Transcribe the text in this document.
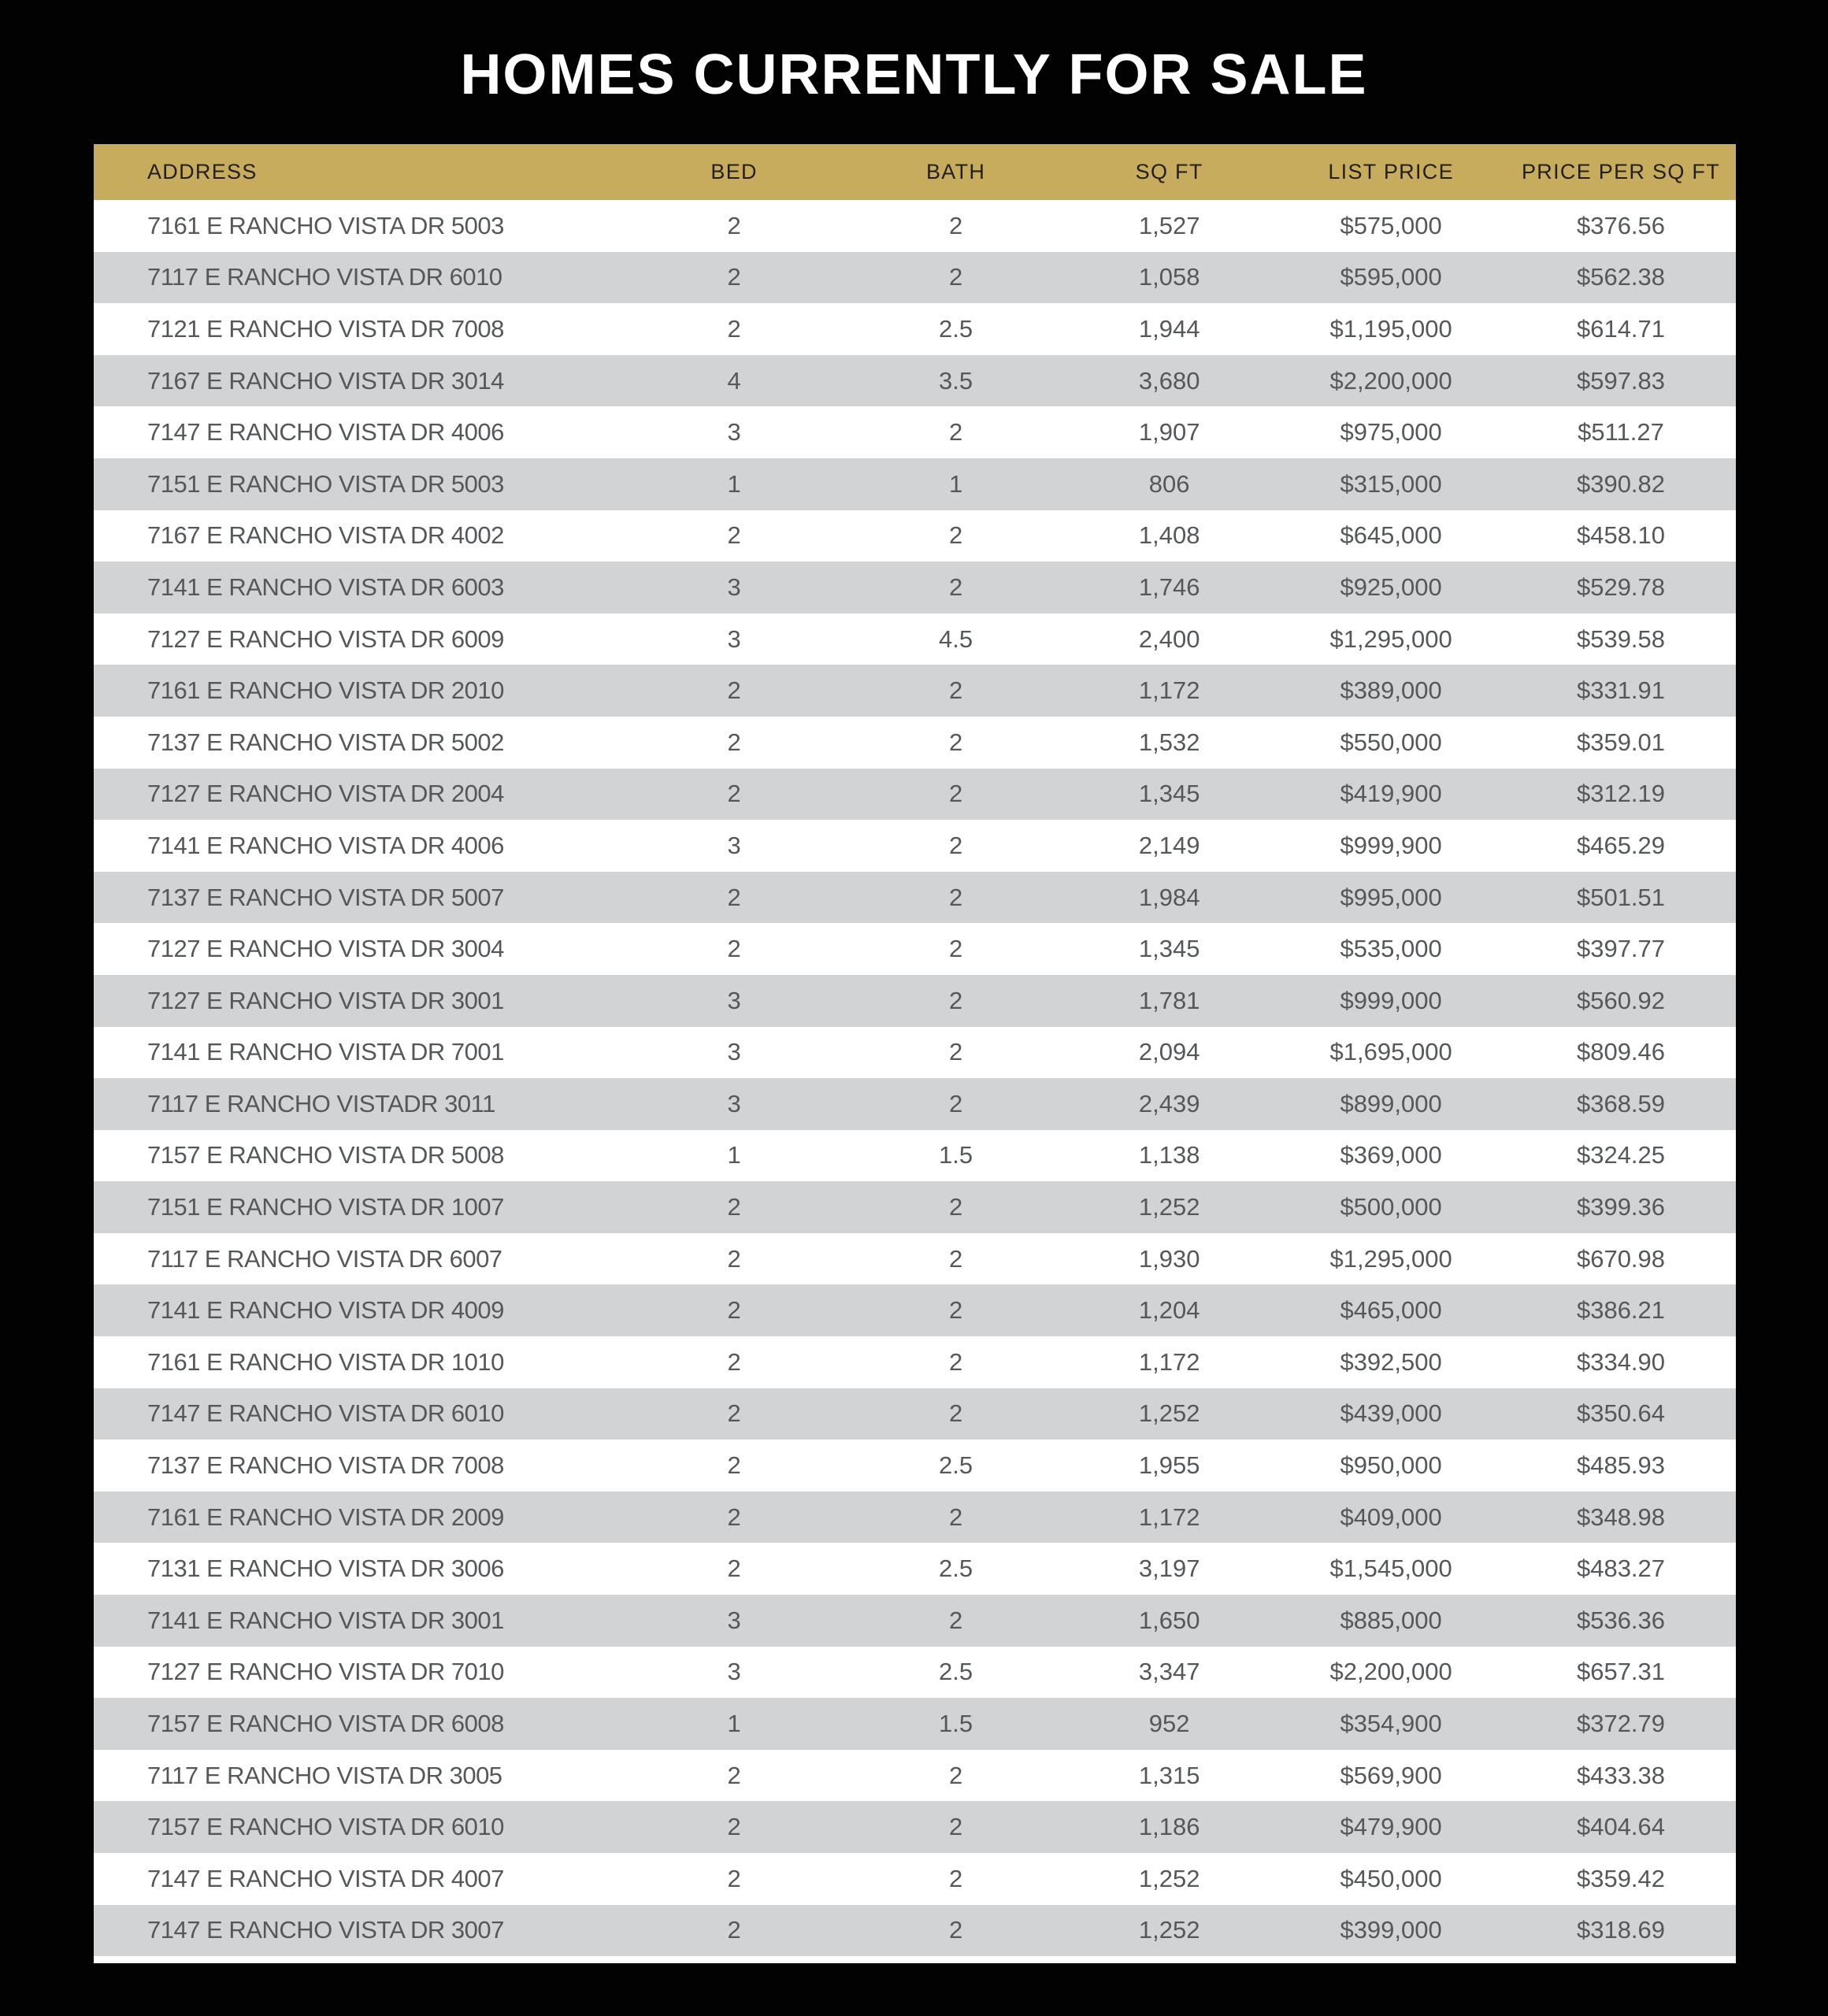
HOMES CURRENTLY FOR SALE
ADDRESS	BED	BATH	SQ FT	LIST PRICE	PRICE PER SQ FT
7161 E RANCHO VISTA DR 5003	2	2	1,527	$575,000	$376.56
7117 E RANCHO VISTA DR 6010	2	2	1,058	$595,000	$562.38
7121 E RANCHO VISTA DR 7008	2	2.5	1,944	$1,195,000	$614.71
7167 E RANCHO VISTA DR 3014	4	3.5	3,680	$2,200,000	$597.83
7147 E RANCHO VISTA DR 4006	3	2	1,907	$975,000	$511.27
7151 E RANCHO VISTA DR 5003	1	1	806	$315,000	$390.82
7167 E RANCHO VISTA DR 4002	2	2	1,408	$645,000	$458.10
7141 E RANCHO VISTA DR 6003	3	2	1,746	$925,000	$529.78
7127 E RANCHO VISTA DR 6009	3	4.5	2,400	$1,295,000	$539.58
7161 E RANCHO VISTA DR 2010	2	2	1,172	$389,000	$331.91
7137 E RANCHO VISTA DR 5002	2	2	1,532	$550,000	$359.01
7127 E RANCHO VISTA DR 2004	2	2	1,345	$419,900	$312.19
7141 E RANCHO VISTA DR 4006	3	2	2,149	$999,900	$465.29
7137 E RANCHO VISTA DR 5007	2	2	1,984	$995,000	$501.51
7127 E RANCHO VISTA DR 3004	2	2	1,345	$535,000	$397.77
7127 E RANCHO VISTA DR 3001	3	2	1,781	$999,000	$560.92
7141 E RANCHO VISTA DR 7001	3	2	2,094	$1,695,000	$809.46
7117 E RANCHO VISTADR 3011	3	2	2,439	$899,000	$368.59
7157 E RANCHO VISTA DR 5008	1	1.5	1,138	$369,000	$324.25
7151 E RANCHO VISTA DR 1007	2	2	1,252	$500,000	$399.36
7117 E RANCHO VISTA DR 6007	2	2	1,930	$1,295,000	$670.98
7141 E RANCHO VISTA DR 4009	2	2	1,204	$465,000	$386.21
7161 E RANCHO VISTA DR 1010	2	2	1,172	$392,500	$334.90
7147 E RANCHO VISTA DR 6010	2	2	1,252	$439,000	$350.64
7137 E RANCHO VISTA DR 7008	2	2.5	1,955	$950,000	$485.93
7161 E RANCHO VISTA DR 2009	2	2	1,172	$409,000	$348.98
7131 E RANCHO VISTA DR 3006	2	2.5	3,197	$1,545,000	$483.27
7141 E RANCHO VISTA DR 3001	3	2	1,650	$885,000	$536.36
7127 E RANCHO VISTA DR 7010	3	2.5	3,347	$2,200,000	$657.31
7157 E RANCHO VISTA DR 6008	1	1.5	952	$354,900	$372.79
7117 E RANCHO VISTA DR 3005	2	2	1,315	$569,900	$433.38
7157 E RANCHO VISTA DR 6010	2	2	1,186	$479,900	$404.64
7147 E RANCHO VISTA DR 4007	2	2	1,252	$450,000	$359.42
7147 E RANCHO VISTA DR 3007	2	2	1,252	$399,000	$318.69
